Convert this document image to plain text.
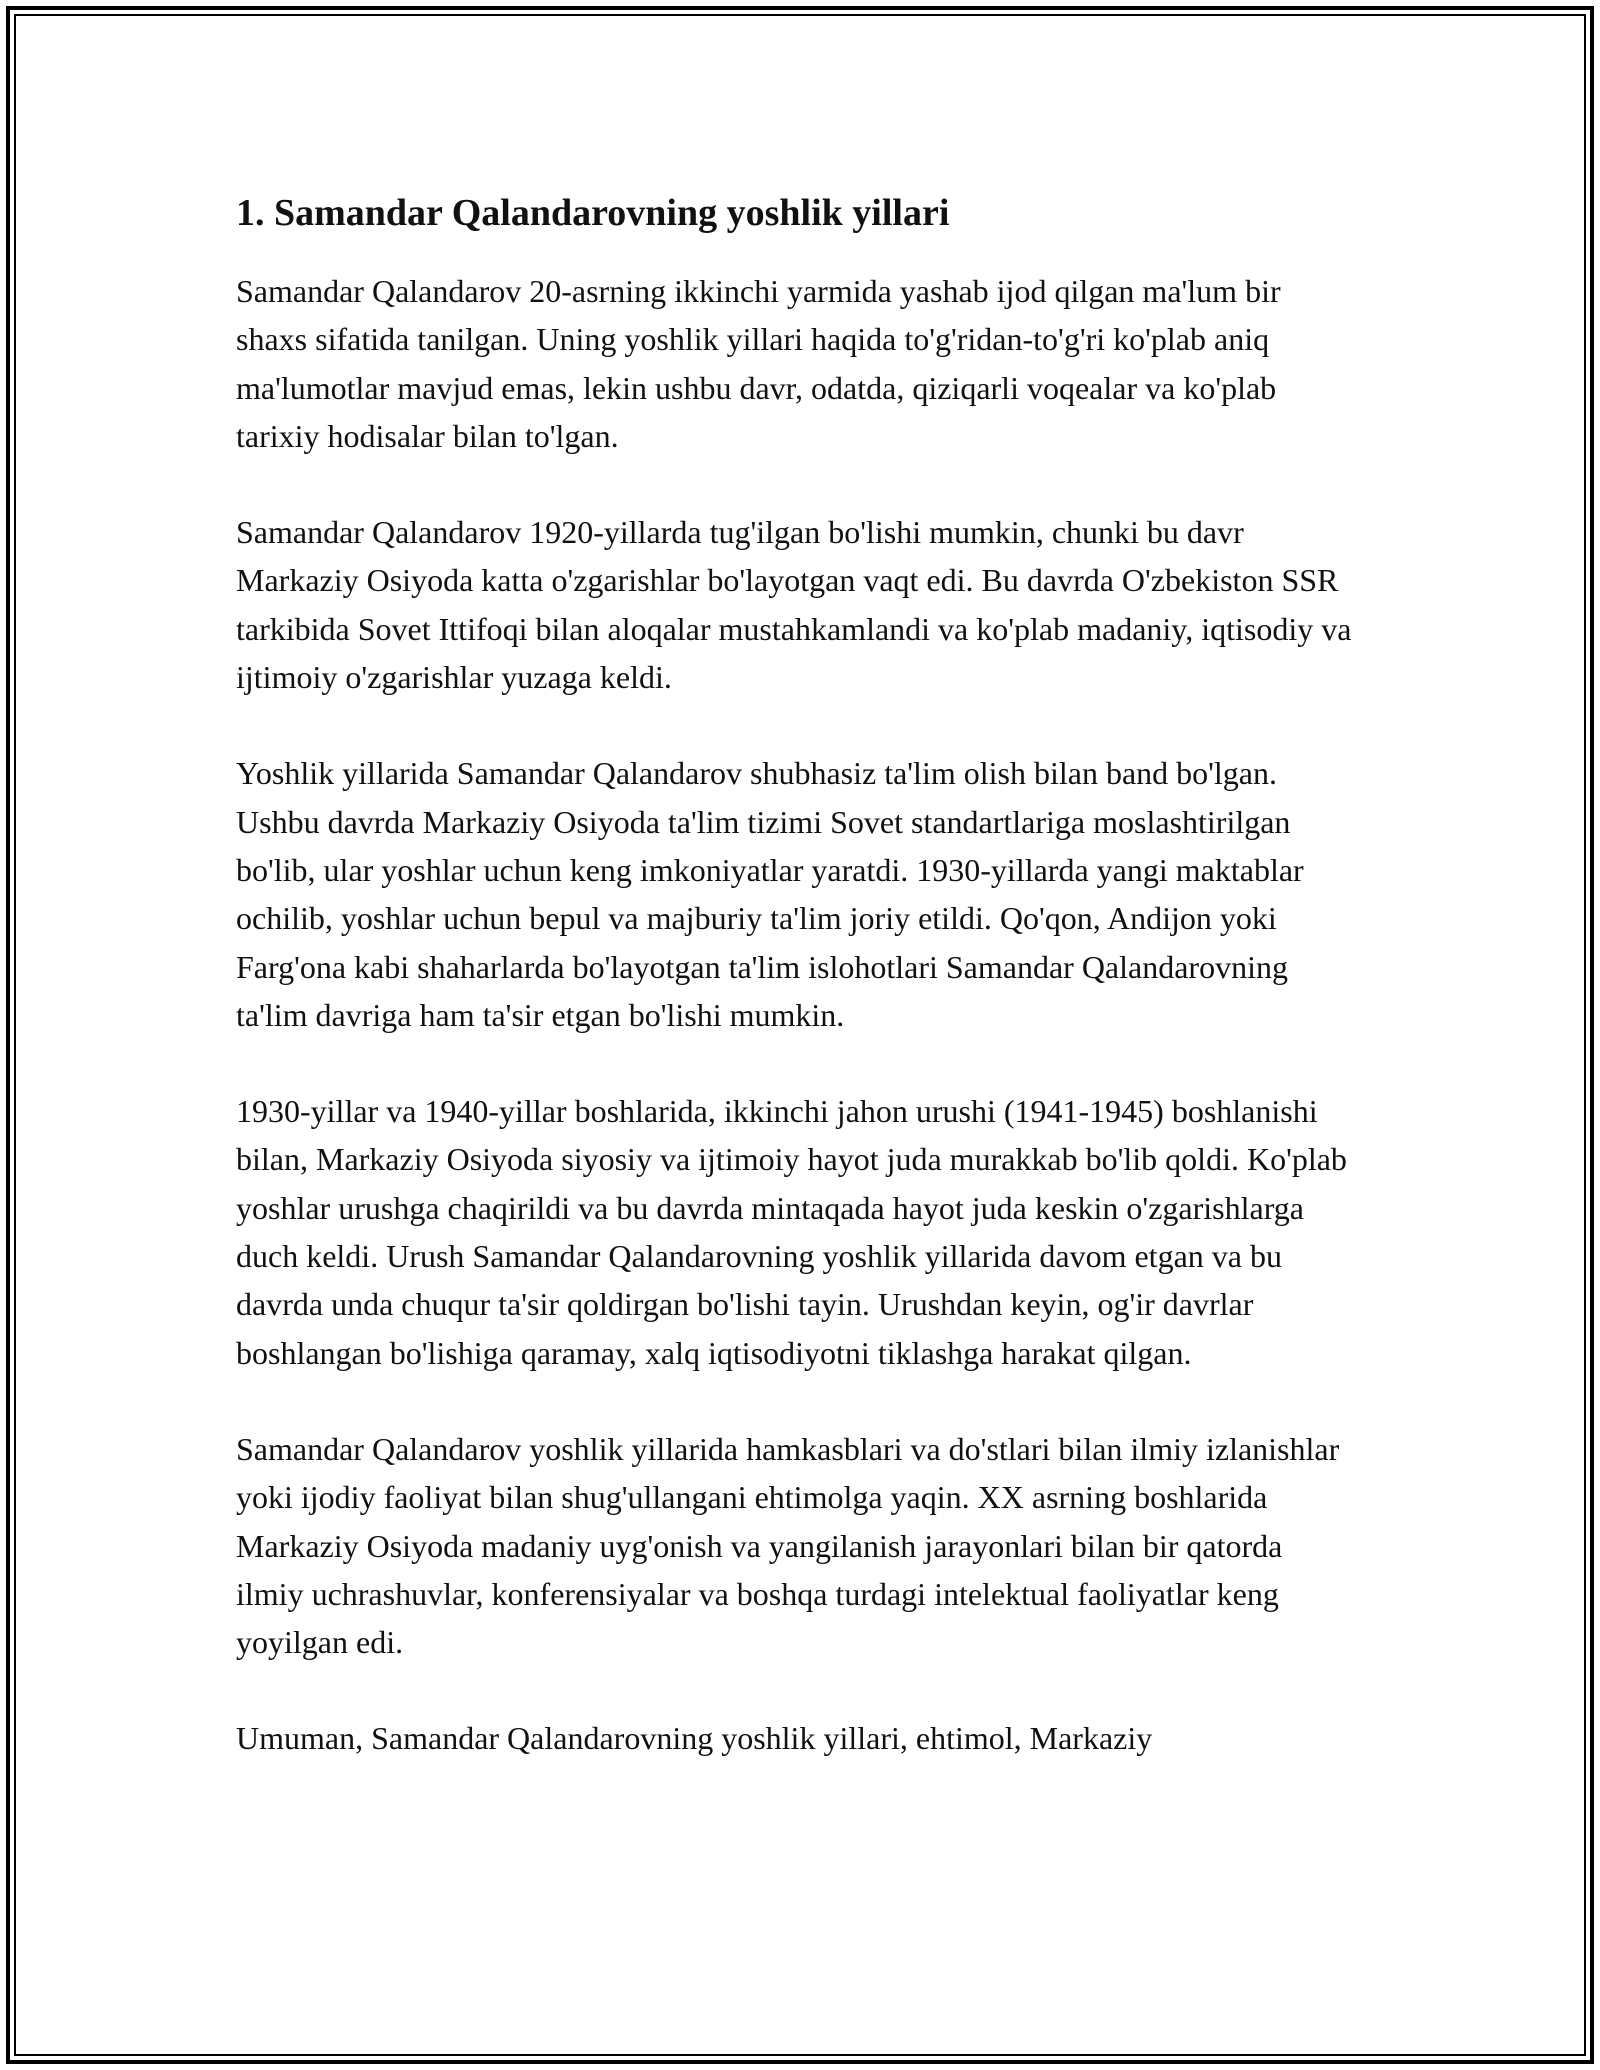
1. Samandar Qalandarovning yoshlik yillari

Samandar Qalandarov 20-asrning ikkinchi yarmida yashab ijod qilgan ma'lum bir shaxs sifatida tanilgan. Uning yoshlik yillari haqida to'g'ridan-to'g'ri ko'plab aniq ma'lumotlar mavjud emas, lekin ushbu davr, odatda, qiziqarli voqealar va ko'plab tarixiy hodisalar bilan to'lgan.

Samandar Qalandarov 1920-yillarda tug'ilgan bo'lishi mumkin, chunki bu davr Markaziy Osiyoda katta o'zgarishlar bo'layotgan vaqt edi. Bu davrda O'zbekiston SSR tarkibida Sovet Ittifoqi bilan aloqalar mustahkamlandi va ko'plab madaniy, iqtisodiy va ijtimoiy o'zgarishlar yuzaga keldi.

Yoshlik yillarida Samandar Qalandarov shubhasiz ta'lim olish bilan band bo'lgan. Ushbu davrda Markaziy Osiyoda ta'lim tizimi Sovet standartlariga moslashtirilgan bo'lib, ular yoshlar uchun keng imkoniyatlar yaratdi. 1930-yillarda yangi maktablar ochilib, yoshlar uchun bepul va majburiy ta'lim joriy etildi. Qo'qon, Andijon yoki Farg'ona kabi shaharlarda bo'layotgan ta'lim islohotlari Samandar Qalandarovning ta'lim davriga ham ta'sir etgan bo'lishi mumkin.

1930-yillar va 1940-yillar boshlarida, ikkinchi jahon urushi (1941-1945) boshlanishi bilan, Markaziy Osiyoda siyosiy va ijtimoiy hayot juda murakkab bo'lib qoldi. Ko'plab yoshlar urushga chaqirildi va bu davrda mintaqada hayot juda keskin o'zgarishlarga duch keldi. Urush Samandar Qalandarovning yoshlik yillarida davom etgan va bu davrda unda chuqur ta'sir qoldirgan bo'lishi tayin. Urushdan keyin, og'ir davrlar boshlangan bo'lishiga qaramay, xalq iqtisodiyotni tiklashga harakat qilgan.

Samandar Qalandarov yoshlik yillarida hamkasblari va do'stlari bilan ilmiy izlanishlar yoki ijodiy faoliyat bilan shug'ullangani ehtimolga yaqin. XX asrning boshlarida Markaziy Osiyoda madaniy uyg'onish va yangilanish jarayonlari bilan bir qatorda ilmiy uchrashuvlar, konferensiyalar va boshqa turdagi intelektual faoliyatlar keng yoyilgan edi.

Umuman, Samandar Qalandarovning yoshlik yillari, ehtimol, Markaziy
